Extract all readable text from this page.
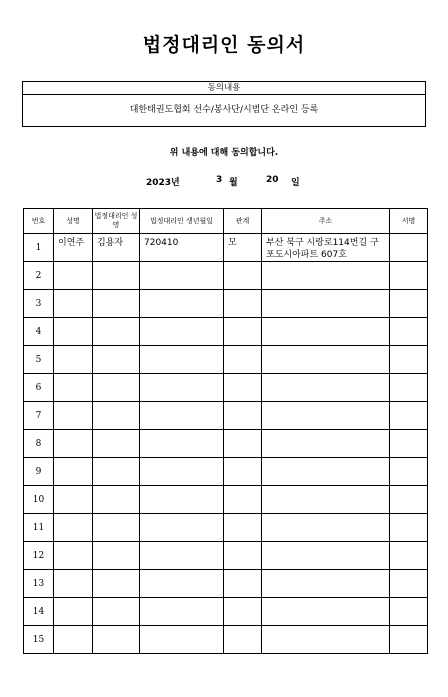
법정대리인 동의서
동의내용
대한태권도협회 선수/봉사단/시범단 온라인 등록
위 내용에 대해 동의합니다.
2023년	3 월	20 일
번호	성명	법정대리인 성명	법정대리인 생년월일	관계	주소	서명
1	이연주	김용자	720410	모	부산 북구 시랑로114번길 구포도시아파트 607호	

2						
3						
4						
5						
6						
7						
8						
9						
10						
11						
12						
13						
14						
15						
